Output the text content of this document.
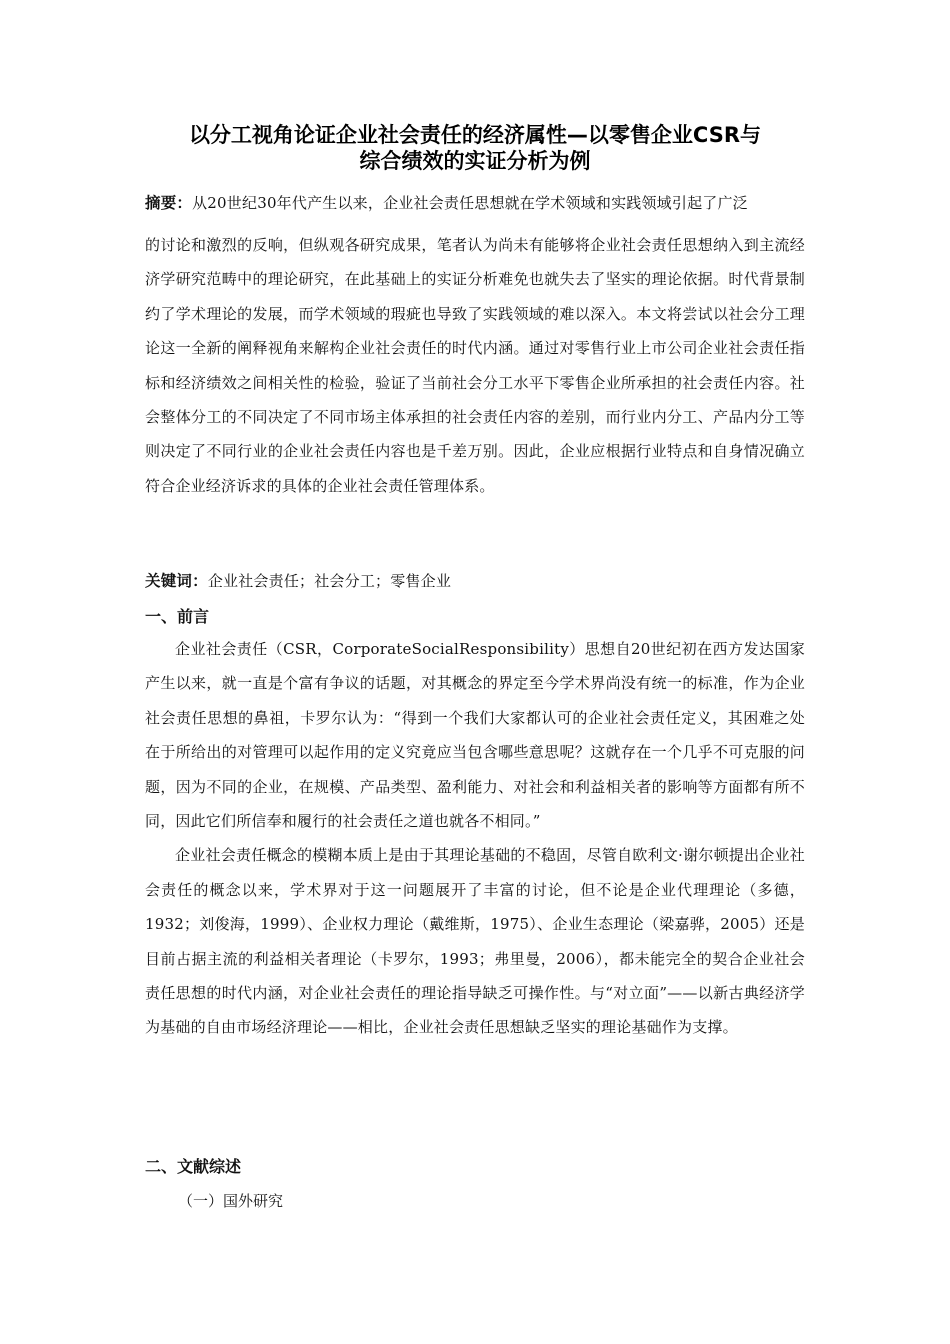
以分工视角论证企业社会责任的经济属性—以零售企业CSR与
综合绩效的实证分析为例

摘要：从20世纪30年代产生以来，企业社会责任思想就在学术领域和实践领域引起了广泛

的讨论和激烈的反响，但纵观各研究成果，笔者认为尚未有能够将企业社会责任思想纳入到主流经济学研究范畴中的理论研究，在此基础上的实证分析难免也就失去了坚实的理论依据。时代背景制约了学术理论的发展，而学术领域的瑕疵也导致了实践领域的难以深入。本文将尝试以社会分工理论这一全新的阐释视角来解构企业社会责任的时代内涵。通过对零售行业上市公司企业社会责任指标和经济绩效之间相关性的检验，验证了当前社会分工水平下零售企业所承担的社会责任内容。社会整体分工的不同决定了不同市场主体承担的社会责任内容的差别，而行业内分工、产品内分工等则决定了不同行业的企业社会责任内容也是千差万别。因此，企业应根据行业特点和自身情况确立符合企业经济诉求的具体的企业社会责任管理体系。

关键词：企业社会责任；社会分工；零售企业

一、前言

企业社会责任（CSR，CorporateSocialResponsibility）思想自20世纪初在西方发达国家产生以来，就一直是个富有争议的话题，对其概念的界定至今学术界尚没有统一的标准，作为企业社会责任思想的鼻祖，卡罗尔认为：“得到一个我们大家都认可的企业社会责任定义，其困难之处在于所给出的对管理可以起作用的定义究竟应当包含哪些意思呢？这就存在一个几乎不可克服的问题，因为不同的企业，在规模、产品类型、盈利能力、对社会和利益相关者的影响等方面都有所不同，因此它们所信奉和履行的社会责任之道也就各不相同。”

企业社会责任概念的模糊本质上是由于其理论基础的不稳固，尽管自欧利文·谢尔顿提出企业社会责任的概念以来，学术界对于这一问题展开了丰富的讨论，但不论是企业代理理论（多德，1932；刘俊海，1999）、企业权力理论（戴维斯，1975）、企业生态理论（梁嘉骅，2005）还是目前占据主流的利益相关者理论（卡罗尔，1993；弗里曼，2006），都未能完全的契合企业社会责任思想的时代内涵，对企业社会责任的理论指导缺乏可操作性。与“对立面”——以新古典经济学为基础的自由市场经济理论——相比，企业社会责任思想缺乏坚实的理论基础作为支撑。

二、文献综述
（一）国外研究
